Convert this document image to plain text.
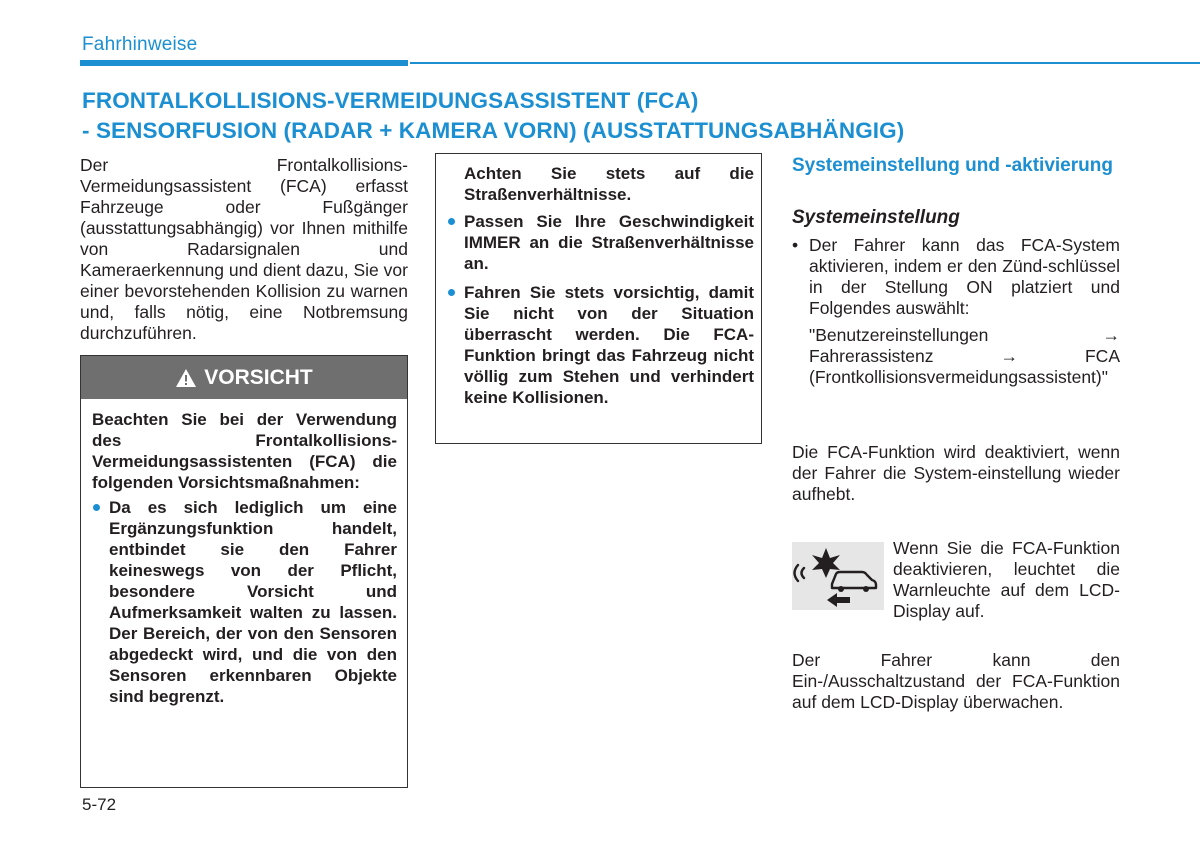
Fahrhinweise
FRONTALKOLLISIONS-VERMEIDUNGSASSISTENT (FCA)
- SENSORFUSION (RADAR + KAMERA VORN) (AUSSTATTUNGSABHÄNGIG)

Der Frontalkollisions-Vermeidungsassistent (FCA) erfasst Fahrzeuge oder Fußgänger (ausstattungsabhängig) vor Ihnen mithilfe von Radarsignalen und Kameraerkennung und dient dazu, Sie vor einer bevorstehenden Kollision zu warnen und, falls nötig, eine Notbremsung durchzuführen.

VORSICHT

Beachten Sie bei der Verwendung des Frontalkollisions-Vermeidungsassistenten (FCA) die folgenden Vorsichtsmaßnahmen:

Da es sich lediglich um eine Ergänzungsfunktion handelt, entbindet sie den Fahrer keineswegs von der Pflicht, besondere Vorsicht und Aufmerksamkeit walten zu lassen. Der Bereich, der von den Sensoren abgedeckt wird, und die von den Sensoren erkennbaren Objekte sind begrenzt.

Achten Sie stets auf die Straßenverhältnisse.

Passen Sie Ihre Geschwindigkeit IMMER an die Straßenverhältnisse an.
Fahren Sie stets vorsichtig, damit Sie nicht von der Situation überrascht werden. Die FCA-Funktion bringt das Fahrzeug nicht völlig zum Stehen und verhindert keine Kollisionen.
Systemeinstellung und -aktivierung
Systemeinstellung
• Der Fahrer kann das FCA-System aktivieren, indem er den Zünd-schlüssel in der Stellung ON platziert und Folgendes auswählt:
"Benutzereinstellungen → Fahrerassistenz → FCA (Frontkollisionsvermeidungsassistent)"

Die FCA-Funktion wird deaktiviert, wenn der Fahrer die System-einstellung wieder aufhebt.

Wenn Sie die FCA-Funktion deaktivieren, leuchtet die Warnleuchte auf dem LCD-Display auf.

Der Fahrer kann den Ein-/Ausschaltzustand der FCA-Funktion auf dem LCD-Display überwachen.

5-72
